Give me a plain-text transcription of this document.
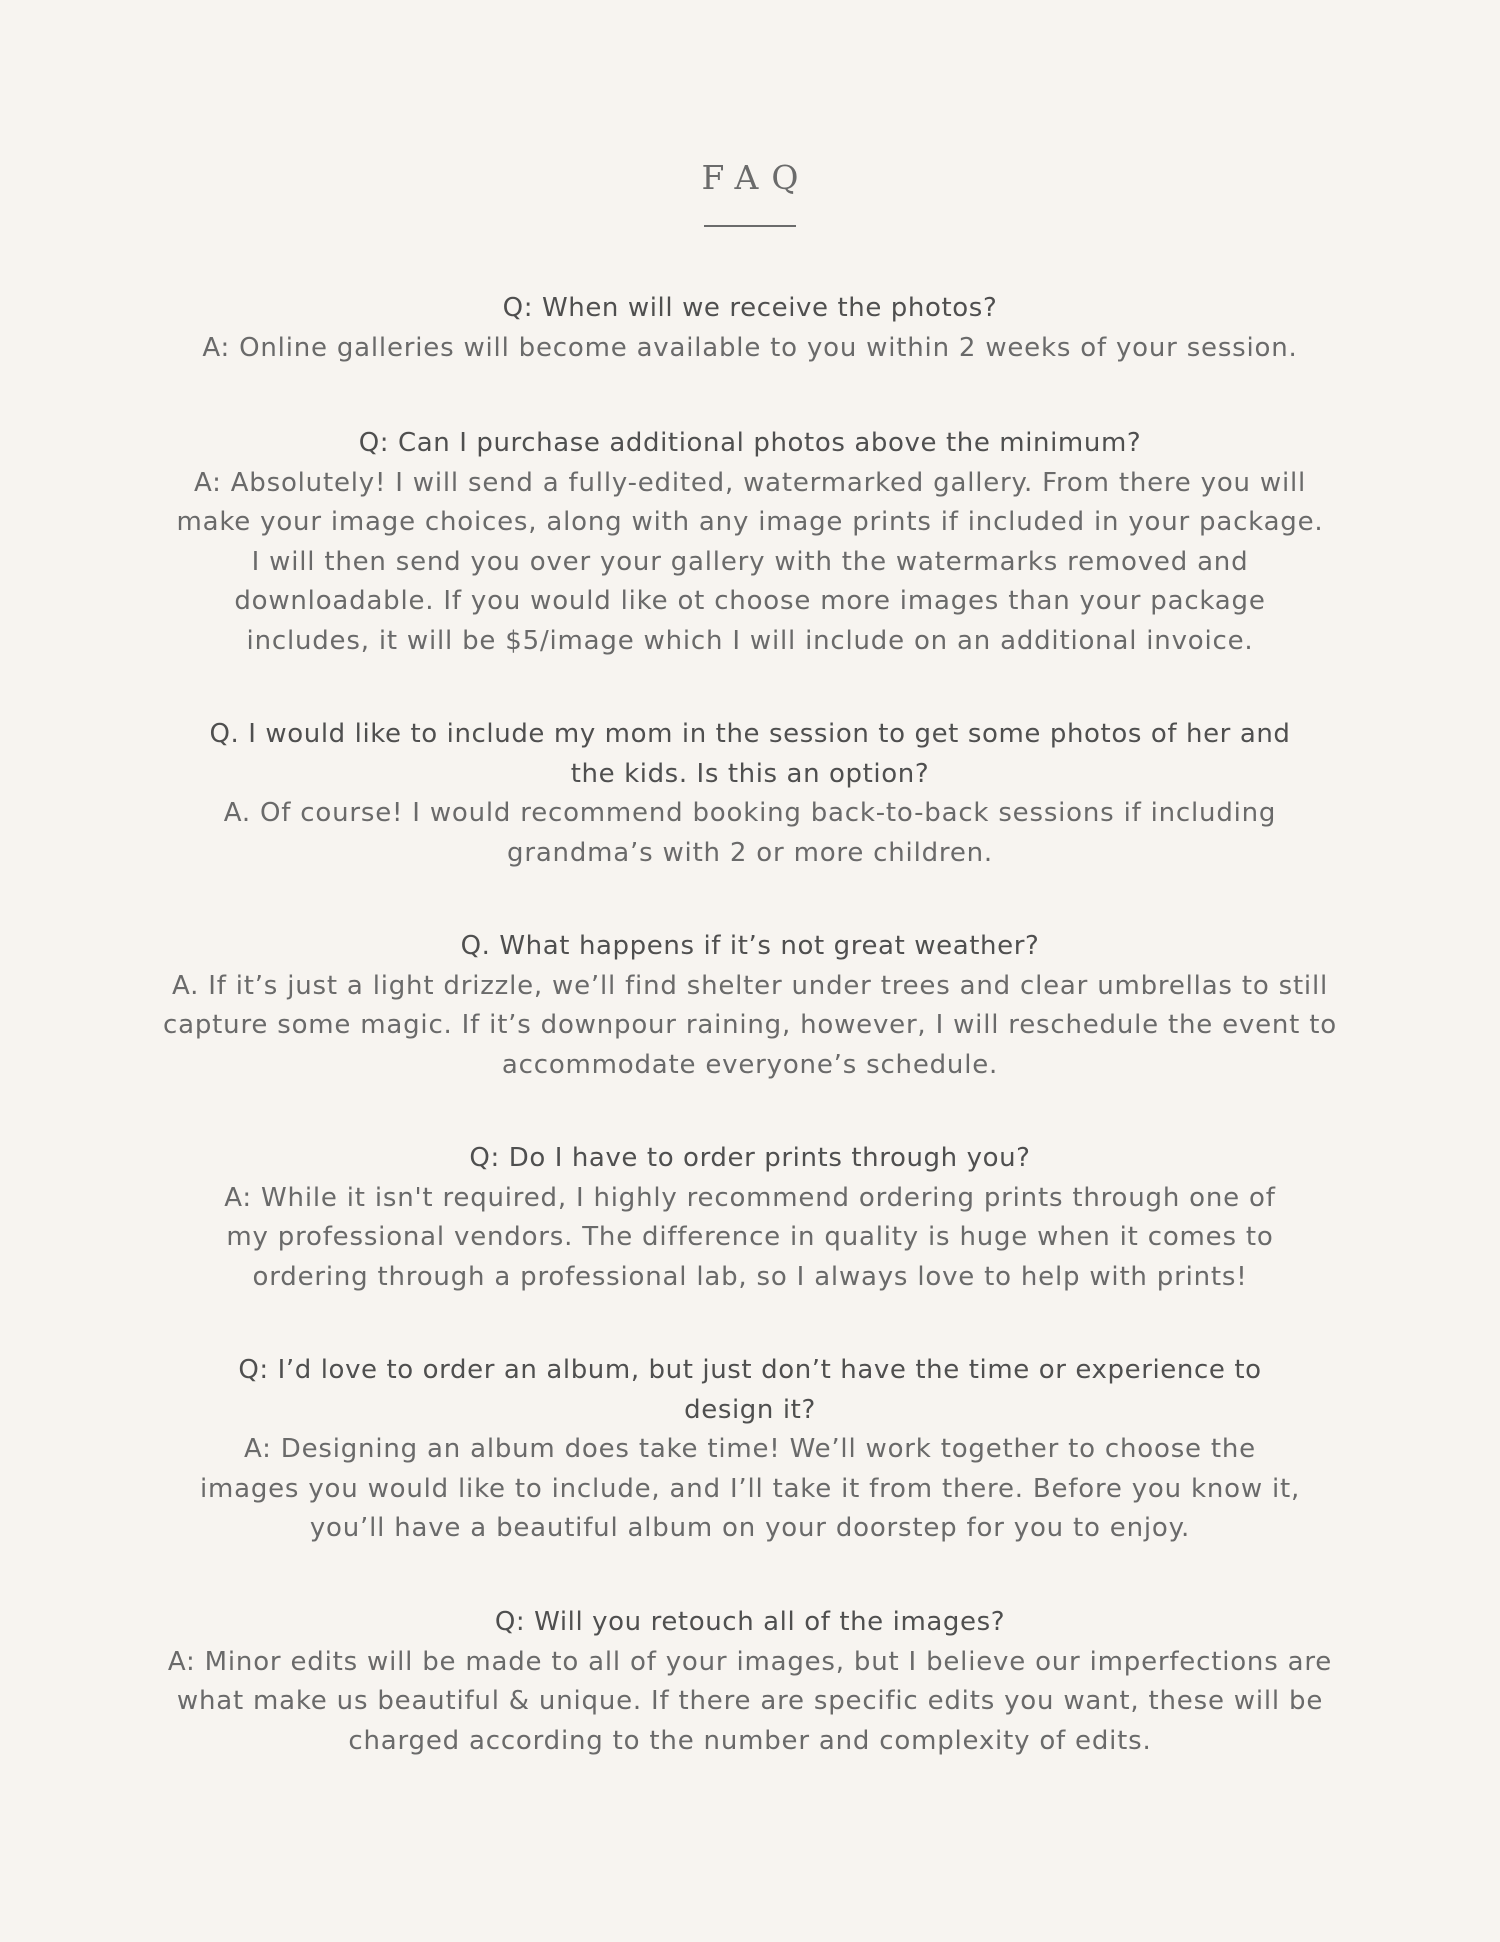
FAQ

Q: When will we receive the photos?

A: Online galleries will become available to you within 2 weeks of your session.

Q: Can I purchase additional photos above the minimum?

A: Absolutely! I will send a fully-edited, watermarked gallery. From there you will
make your image choices, along with any image prints if included in your package.
I will then send you over your gallery with the watermarks removed and
downloadable. If you would like ot choose more images than your package
includes, it will be $5/image which I will include on an additional invoice.

Q. I would like to include my mom in the session to get some photos of her and
the kids. Is this an option?

A. Of course! I would recommend booking back-to-back sessions if including
grandma’s with 2 or more children.

Q. What happens if it’s not great weather?

A. If it’s just a light drizzle, we’ll find shelter under trees and clear umbrellas to still
capture some magic. If it’s downpour raining, however, I will reschedule the event to
accommodate everyone’s schedule.

Q: Do I have to order prints through you?

A: While it isn't required, I highly recommend ordering prints through one of
my professional vendors. The difference in quality is huge when it comes to
ordering through a professional lab, so I always love to help with prints!

Q: I’d love to order an album, but just don’t have the time or experience to
design it?

A: Designing an album does take time! We’ll work together to choose the
images you would like to include, and I’ll take it from there. Before you know it,
you’ll have a beautiful album on your doorstep for you to enjoy.

Q: Will you retouch all of the images?

A: Minor edits will be made to all of your images, but I believe our imperfections are
what make us beautiful & unique. If there are specific edits you want, these will be
charged according to the number and complexity of edits.
